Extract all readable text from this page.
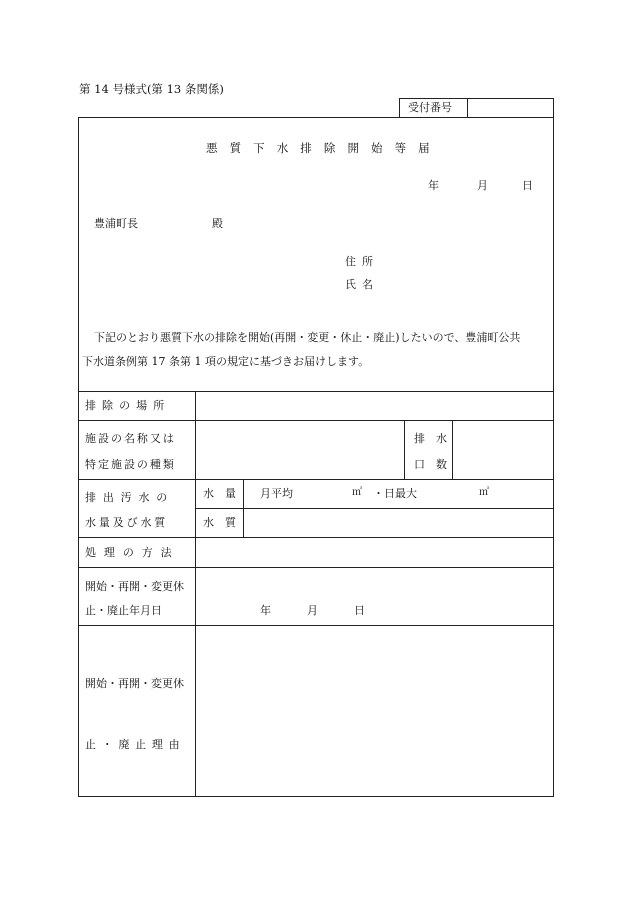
第 14 号様式(第 13 条関係)
受付番号
悪質下水排除開始等届
年	月	日
豊浦町長	殿
住所
氏名
下記のとおり悪質下水の排除を開始(再開・変更・休止・廃止)したいので、豊浦町公共
下水道条例第 17 条第 1 項の規定に基づきお届けします。
排除の場所
施設の名称又は
特定施設の種類
排　水
口　数
排出汚水の
水量及び水質
水　量 月平均	㎥ ・日最大	㎥
水　質
処理の方法
開始・再開・変更休
止・廃止年月日	年	月	日
開始・再開・変更休
止・廃止理由
